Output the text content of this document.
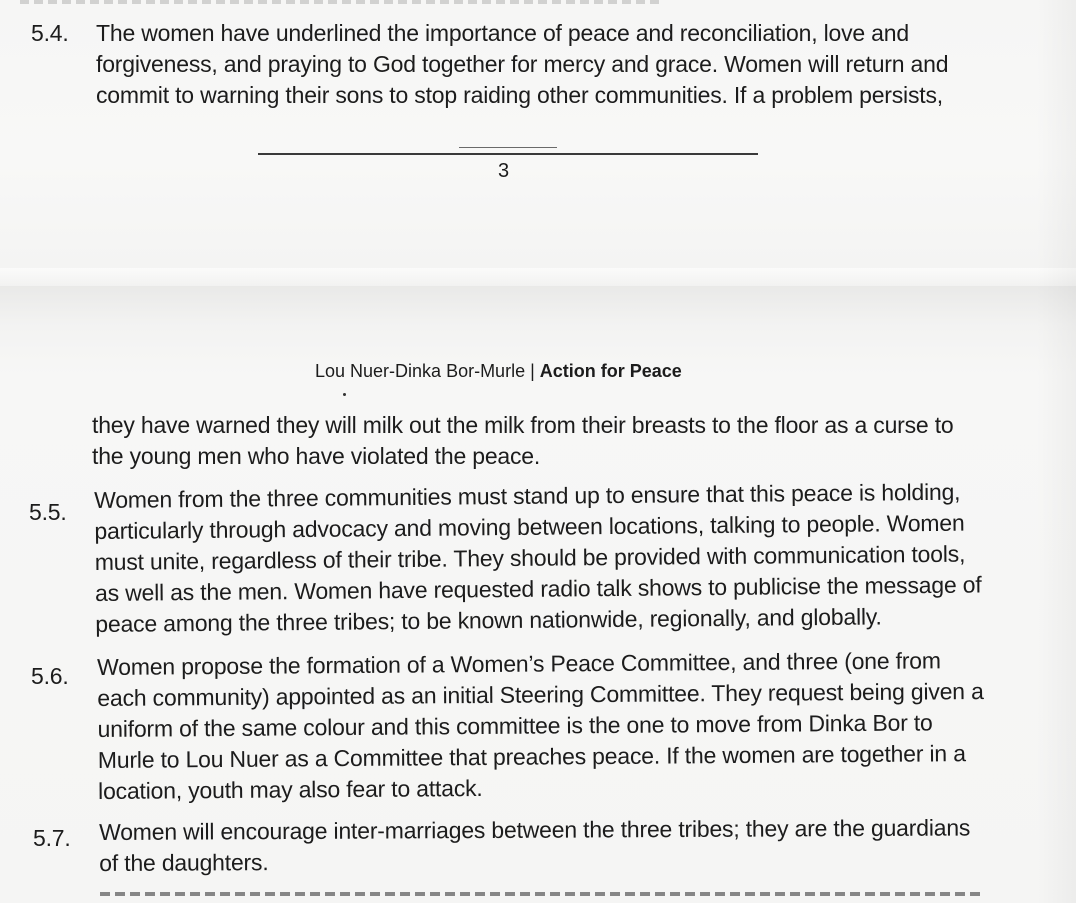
5.4. The women have underlined the importance of peace and reconciliation, love and
forgiveness, and praying to God together for mercy and grace. Women will return and
commit to warning their sons to stop raiding other communities. If a problem persists,
3
Lou Nuer-Dinka Bor-Murle | Action for Peace
they have warned they will milk out the milk from their breasts to the floor as a curse to
the young men who have violated the peace.
5.5. Women from the three communities must stand up to ensure that this peace is holding,
particularly through advocacy and moving between locations, talking to people. Women
must unite, regardless of their tribe. They should be provided with communication tools,
as well as the men. Women have requested radio talk shows to publicise the message of
peace among the three tribes; to be known nationwide, regionally, and globally.
5.6. Women propose the formation of a Women’s Peace Committee, and three (one from
each community) appointed as an initial Steering Committee. They request being given a
uniform of the same colour and this committee is the one to move from Dinka Bor to
Murle to Lou Nuer as a Committee that preaches peace. If the women are together in a
location, youth may also fear to attack.
5.7. Women will encourage inter-marriages between the three tribes; they are the guardians
of the daughters.
